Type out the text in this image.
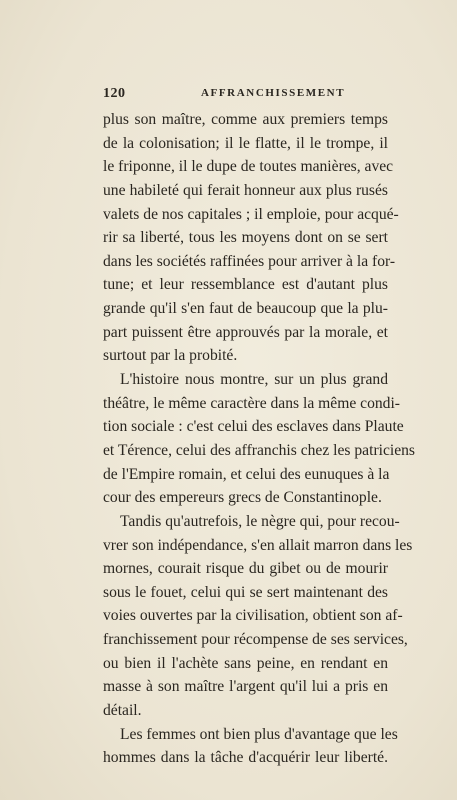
120	AFFRANCHISSEMENT
plus son maître, comme aux premiers temps
de la colonisation; il le flatte, il le trompe, il
le friponne, il le dupe de toutes manières, avec
une habileté qui ferait honneur aux plus rusés
valets de nos capitales ; il emploie, pour acqué-
rir sa liberté, tous les moyens dont on se sert
dans les sociétés raffinées pour arriver à la for-
tune; et leur ressemblance est d'autant plus
grande qu'il s'en faut de beaucoup que la plu-
part puissent être approuvés par la morale, et
surtout par la probité.
L'histoire nous montre, sur un plus grand
théâtre, le même caractère dans la même condi-
tion sociale : c'est celui des esclaves dans Plaute
et Térence, celui des affranchis chez les patriciens
de l'Empire romain, et celui des eunuques à la
cour des empereurs grecs de Constantinople.
Tandis qu'autrefois, le nègre qui, pour recou-
vrer son indépendance, s'en allait marron dans les
mornes, courait risque du gibet ou de mourir
sous le fouet, celui qui se sert maintenant des
voies ouvertes par la civilisation, obtient son af-
franchissement pour récompense de ses services,
ou bien il l'achète sans peine, en rendant en
masse à son maître l'argent qu'il lui a pris en
détail.
Les femmes ont bien plus d'avantage que les
hommes dans la tâche d'acquérir leur liberté.
